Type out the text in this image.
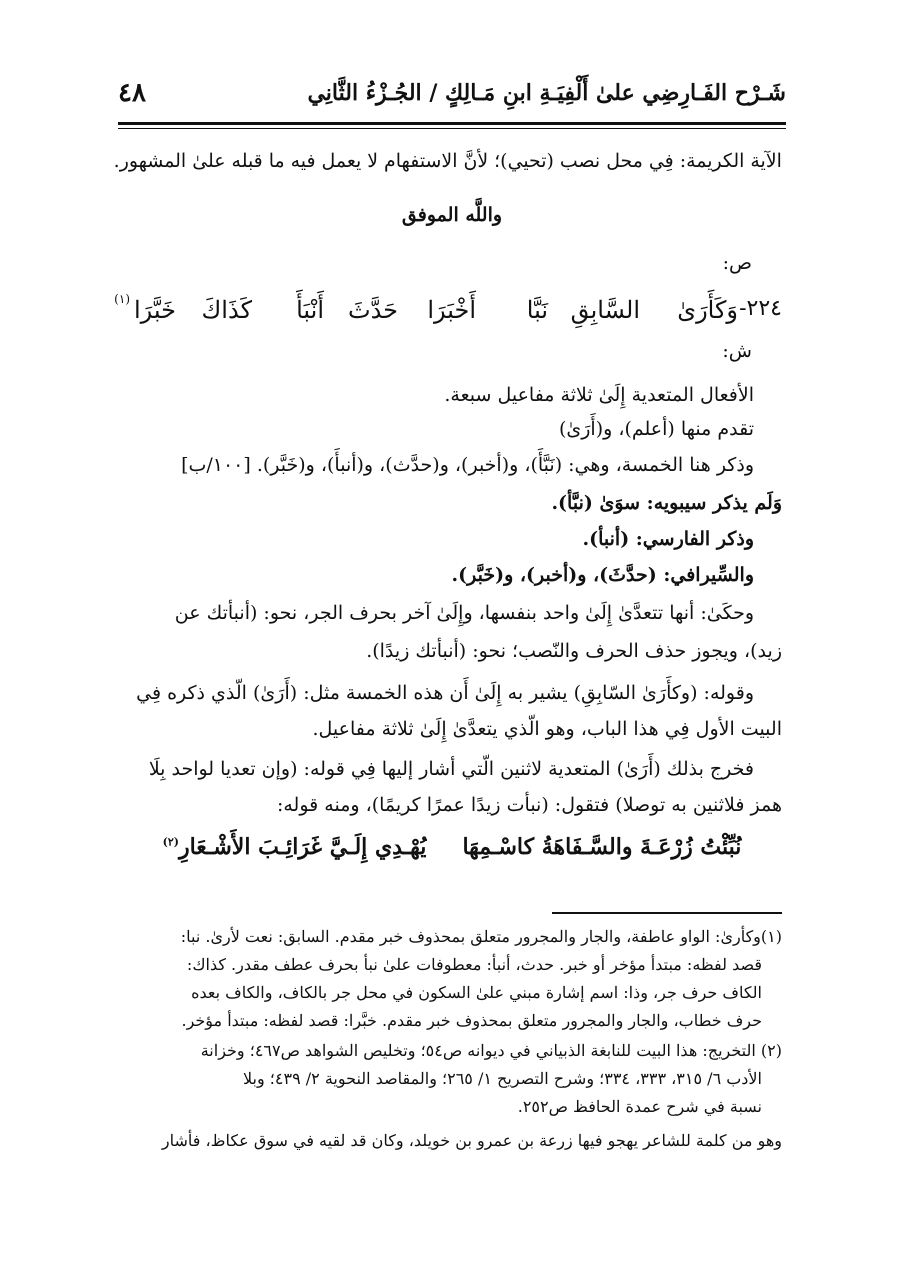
شَـرْح الفَـارِضِي علىٰ أَلْفِيَـةِ ابنِ مَـالِكٍ / الجُـزْءُ الثَّانِي
٤٨
الآية الكريمة: فِي محل نصب (تحيي)؛ لأنَّ الاستفهام لا يعمل فيه ما قبله علىٰ المشهور.
واللَّه الموفق
ص:
٢٢٤-
وَكَأَرَىٰ
السَّابِقِ
نَبَّا
أَخْبَرَا
حَدَّثَ
أَنْبَأَ
كَذَاكَ
خَبَّرَا
(١)
ش:
الأفعال المتعدية إِلَىٰ ثلاثة مفاعيل سبعة.
تقدم منها (أعلم)، و(أَرَىٰ)
وذكر هنا الخمسة، وهي: (نَبَّأَ)، و(أخبر)، و(حدَّث)، و(أنبأَ)، و(خَبَّر). [١٠٠/ب]
وَلَم يذكر سيبويه: سوَىٰ (نبَّأ).
وذكر الفارسي: (أنبأ).
والسِّيرافي: (حدَّثَ)، و(أخبر)، و(خَبَّر).
وحكَىٰ: أنها تتعدَّىٰ إِلَىٰ واحد بنفسها، وإِلَىٰ آخر بحرف الجر، نحو: (أنبأتك عن
زيد)، ويجوز حذف الحرف والنّصب؛ نحو: (أنبأتك زيدًا).
وقوله: (وكأَرَىٰ السّابِقِ) يشير به إِلَىٰ أَن هذه الخمسة مثل: (أَرَىٰ) الّذي ذكره فِي
البيت الأول فِي هذا الباب، وهو الّذي يتعدَّىٰ إِلَىٰ ثلاثة مفاعيل.
فخرج بذلك (أَرَىٰ) المتعدية لاثنين الّتي أشار إليها فِي قوله: (وإن تعديا لواحد بِلَا
همز فلاثنين به توصلا) فتقول: (نبأت زيدًا عمرًا كريمًا)، ومنه قوله:
نُبِّئْتُ زُرْعَـةَ والسَّـفَاهَةُ كاسْـمِهَايُهْـدِي إِلَـيَّ غَرَائِـبَ الأَشْـعَارِ$^{(٢)}$
(١)وكأرىٰ: الواو عاطفة، والجار والمجرور متعلق بمحذوف خبر مقدم. السابق: نعت لأرىٰ. نبا:
قصد لفظه: مبتدأ مؤخر أو خبر. حدث، أنبأ: معطوفات علىٰ نبأ بحرف عطف مقدر. كذاك:
الكاف حرف جر، وذا: اسم إشارة مبني علىٰ السكون في محل جر بالكاف، والكاف بعده
حرف خطاب، والجار والمجرور متعلق بمحذوف خبر مقدم. خبَّرا: قصد لفظه: مبتدأ مؤخر.
(٢) التخريج: هذا البيت للنابغة الذبياني في ديوانه ص٥٤؛ وتخليص الشواهد ص٤٦٧؛ وخزانة
الأدب ٦/ ٣١٥، ٣٣٣، ٣٣٤؛ وشرح التصريح ١/ ٢٦٥؛ والمقاصد النحوية ٢/ ٤٣٩؛ وبلا
نسبة في شرح عمدة الحافظ ص٢٥٢.
وهو من كلمة للشاعر يهجو فيها زرعة بن عمرو بن خويلد، وكان قد لقيه في سوق عكاظ، فأشار
